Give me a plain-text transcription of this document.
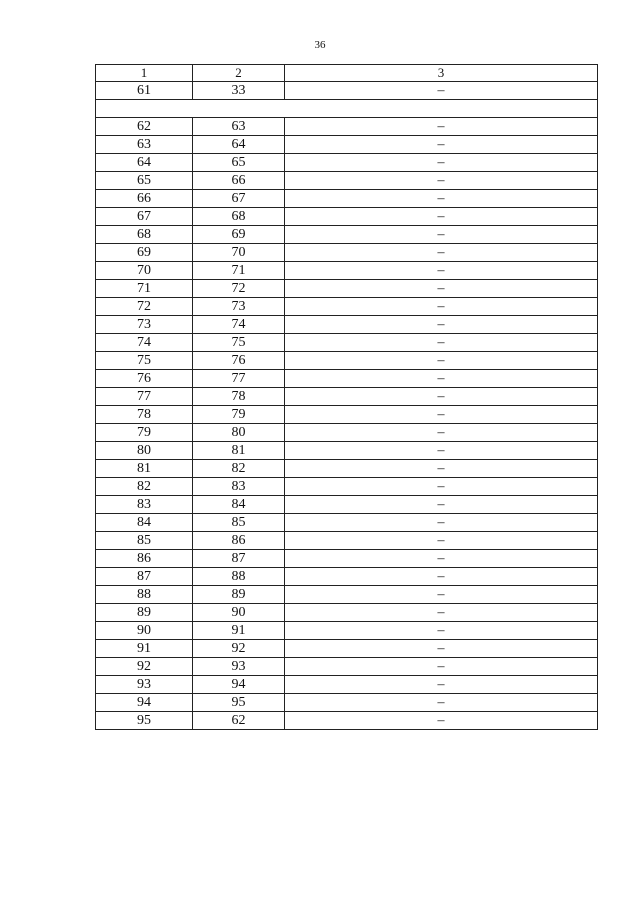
36
1	2	3
61	33	–

62	63	–
63	64	–
64	65	–
65	66	–
66	67	–
67	68	–
68	69	–
69	70	–
70	71	–
71	72	–
72	73	–
73	74	–
74	75	–
75	76	–
76	77	–
77	78	–
78	79	–
79	80	–
80	81	–
81	82	–
82	83	–
83	84	–
84	85	–
85	86	–
86	87	–
87	88	–
88	89	–
89	90	–
90	91	–
91	92	–
92	93	–
93	94	–
94	95	–
95	62	–
